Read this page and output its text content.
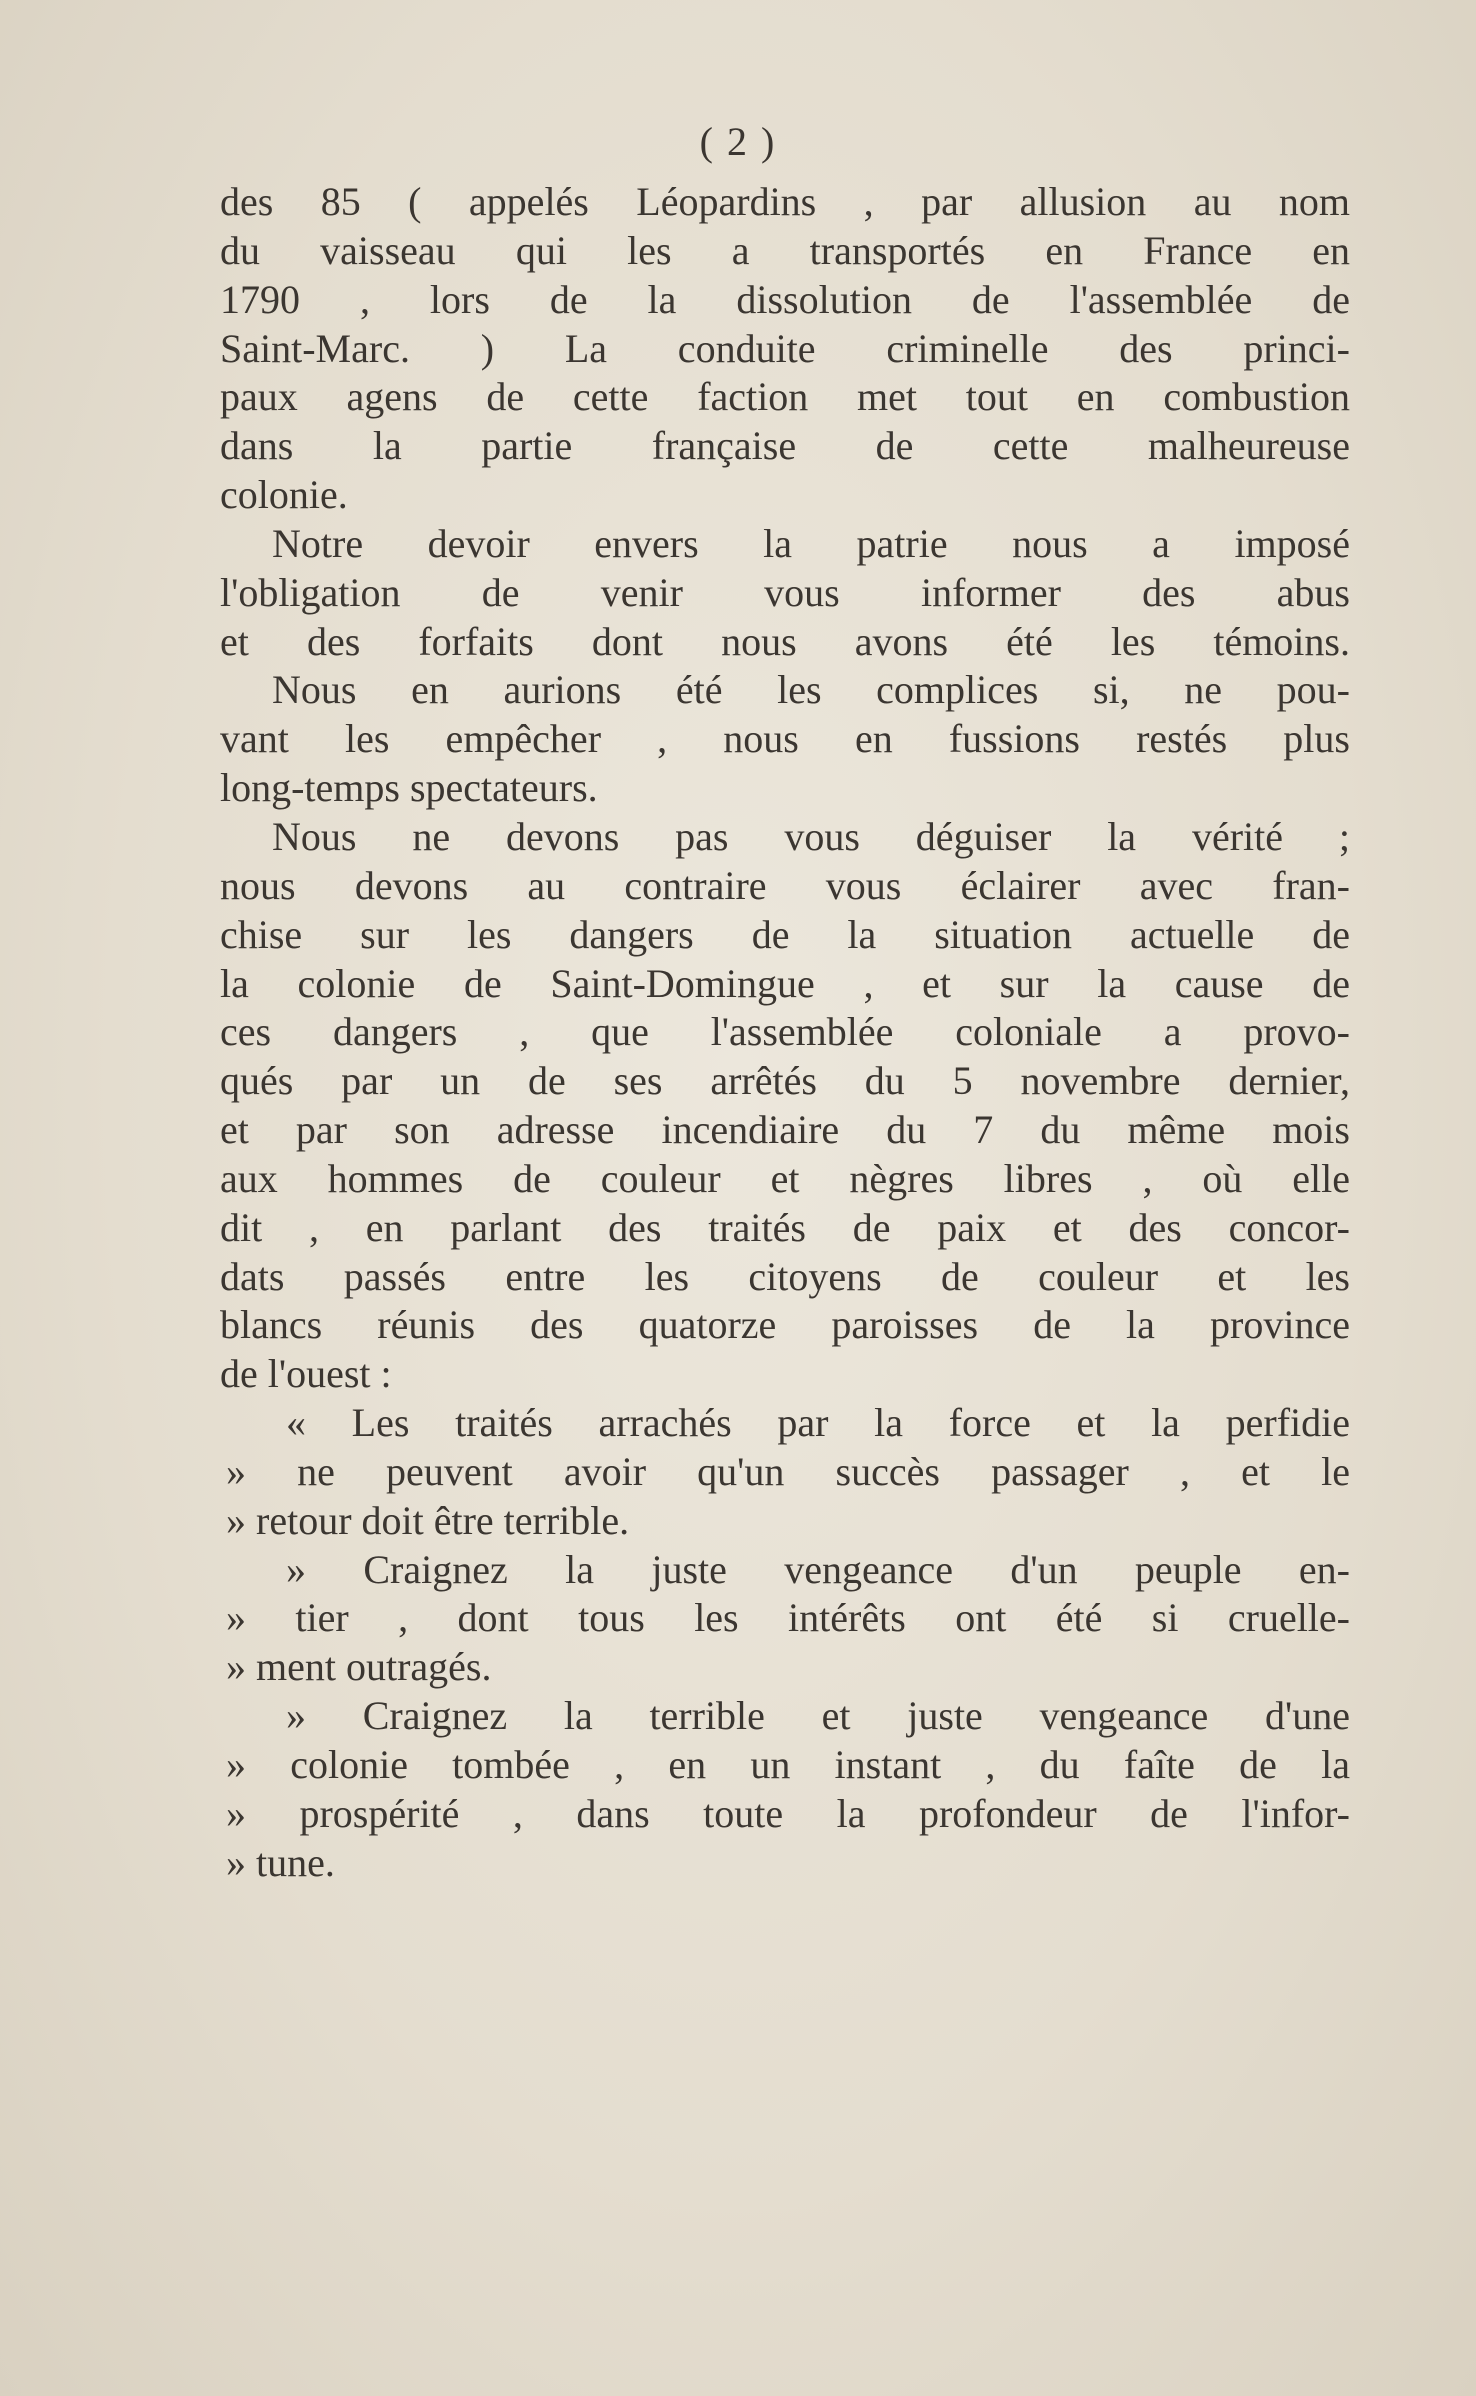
( 2 )
des 85 ( appelés Léopardins , par allusion au nom
du vaisseau qui les a transportés en France en
1790 , lors de la dissolution de l'assemblée de
Saint-Marc. ) La conduite criminelle des princi-
paux agens de cette faction met tout en combustion
dans la partie française de cette malheureuse
colonie.
Notre devoir envers la patrie nous a imposé
l'obligation de venir vous informer des abus
et des forfaits dont nous avons été les témoins.
Nous en aurions été les complices si, ne pou-
vant les empêcher , nous en fussions restés plus
long-temps spectateurs.
Nous ne devons pas vous déguiser la vérité ;
nous devons au contraire vous éclairer avec fran-
chise sur les dangers de la situation actuelle de
la colonie de Saint-Domingue , et sur la cause de
ces dangers , que l'assemblée coloniale a provo-
qués par un de ses arrêtés du 5 novembre dernier,
et par son adresse incendiaire du 7 du même mois
aux hommes de couleur et nègres libres , où elle
dit , en parlant des traités de paix et des concor-
dats passés entre les citoyens de couleur et les
blancs réunis des quatorze paroisses de la province
de l'ouest :
« Les traités arrachés par la force et la perfidie
» ne peuvent avoir qu'un succès passager , et le
» retour doit être terrible.
» Craignez la juste vengeance d'un peuple en-
» tier , dont tous les intérêts ont été si cruelle-
» ment outragés.
» Craignez la terrible et juste vengeance d'une
» colonie tombée , en un instant , du faîte de la
» prospérité , dans toute la profondeur de l'infor-
» tune.
